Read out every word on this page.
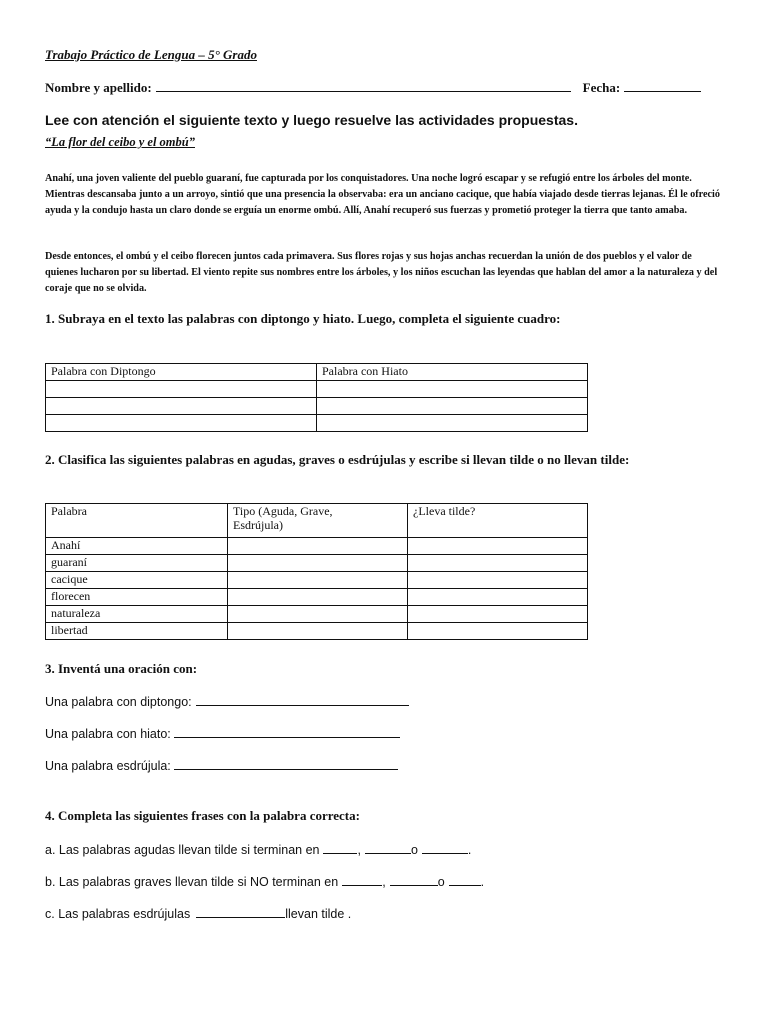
Trabajo Práctico de Lengua – 5° Grado
Nombre y apellido:	Fecha:
Lee con atención el siguiente texto y luego resuelve las actividades propuestas.
“La flor del ceibo y el ombú”
Anahí, una joven valiente del pueblo guaraní, fue capturada por los conquistadores. Una noche logró escapar y se refugió entre los árboles del monte. Mientras descansaba junto a un arroyo, sintió que una presencia la observaba: era un anciano cacique, que había viajado desde tierras lejanas. Él le ofreció ayuda y la condujo hasta un claro donde se erguía un enorme ombú. Allí, Anahí recuperó sus fuerzas y prometió proteger la tierra que tanto amaba.
Desde entonces, el ombú y el ceibo florecen juntos cada primavera. Sus flores rojas y sus hojas anchas recuerdan la unión de dos pueblos y el valor de quienes lucharon por su libertad. El viento repite sus nombres entre los árboles, y los niños escuchan las leyendas que hablan del amor a la naturaleza y del coraje que no se olvida.
1. Subraya en el texto las palabras con diptongo y hiato. Luego, completa el siguiente cuadro:
Palabra con Diptongo	Palabra con Hiato

2. Clasifica las siguientes palabras en agudas, graves o esdrújulas y escribe si llevan tilde o no llevan tilde:
Palabra	Tipo (Aguda, Grave, Esdrújula)	¿Lleva tilde?
Anahí		
guaraní		
cacique		
florecen		
naturaleza		
libertad		
3. Inventá una oración con:
Una palabra con diptongo:
Una palabra con hiato:
Una palabra esdrújula:
4. Completa las siguientes frases con la palabra correcta:
a. Las palabras agudas llevan tilde si terminan en	,	o	.
b. Las palabras graves llevan tilde si NO terminan en	,	o	.
c. Las palabras esdrújulas	llevan tilde .
